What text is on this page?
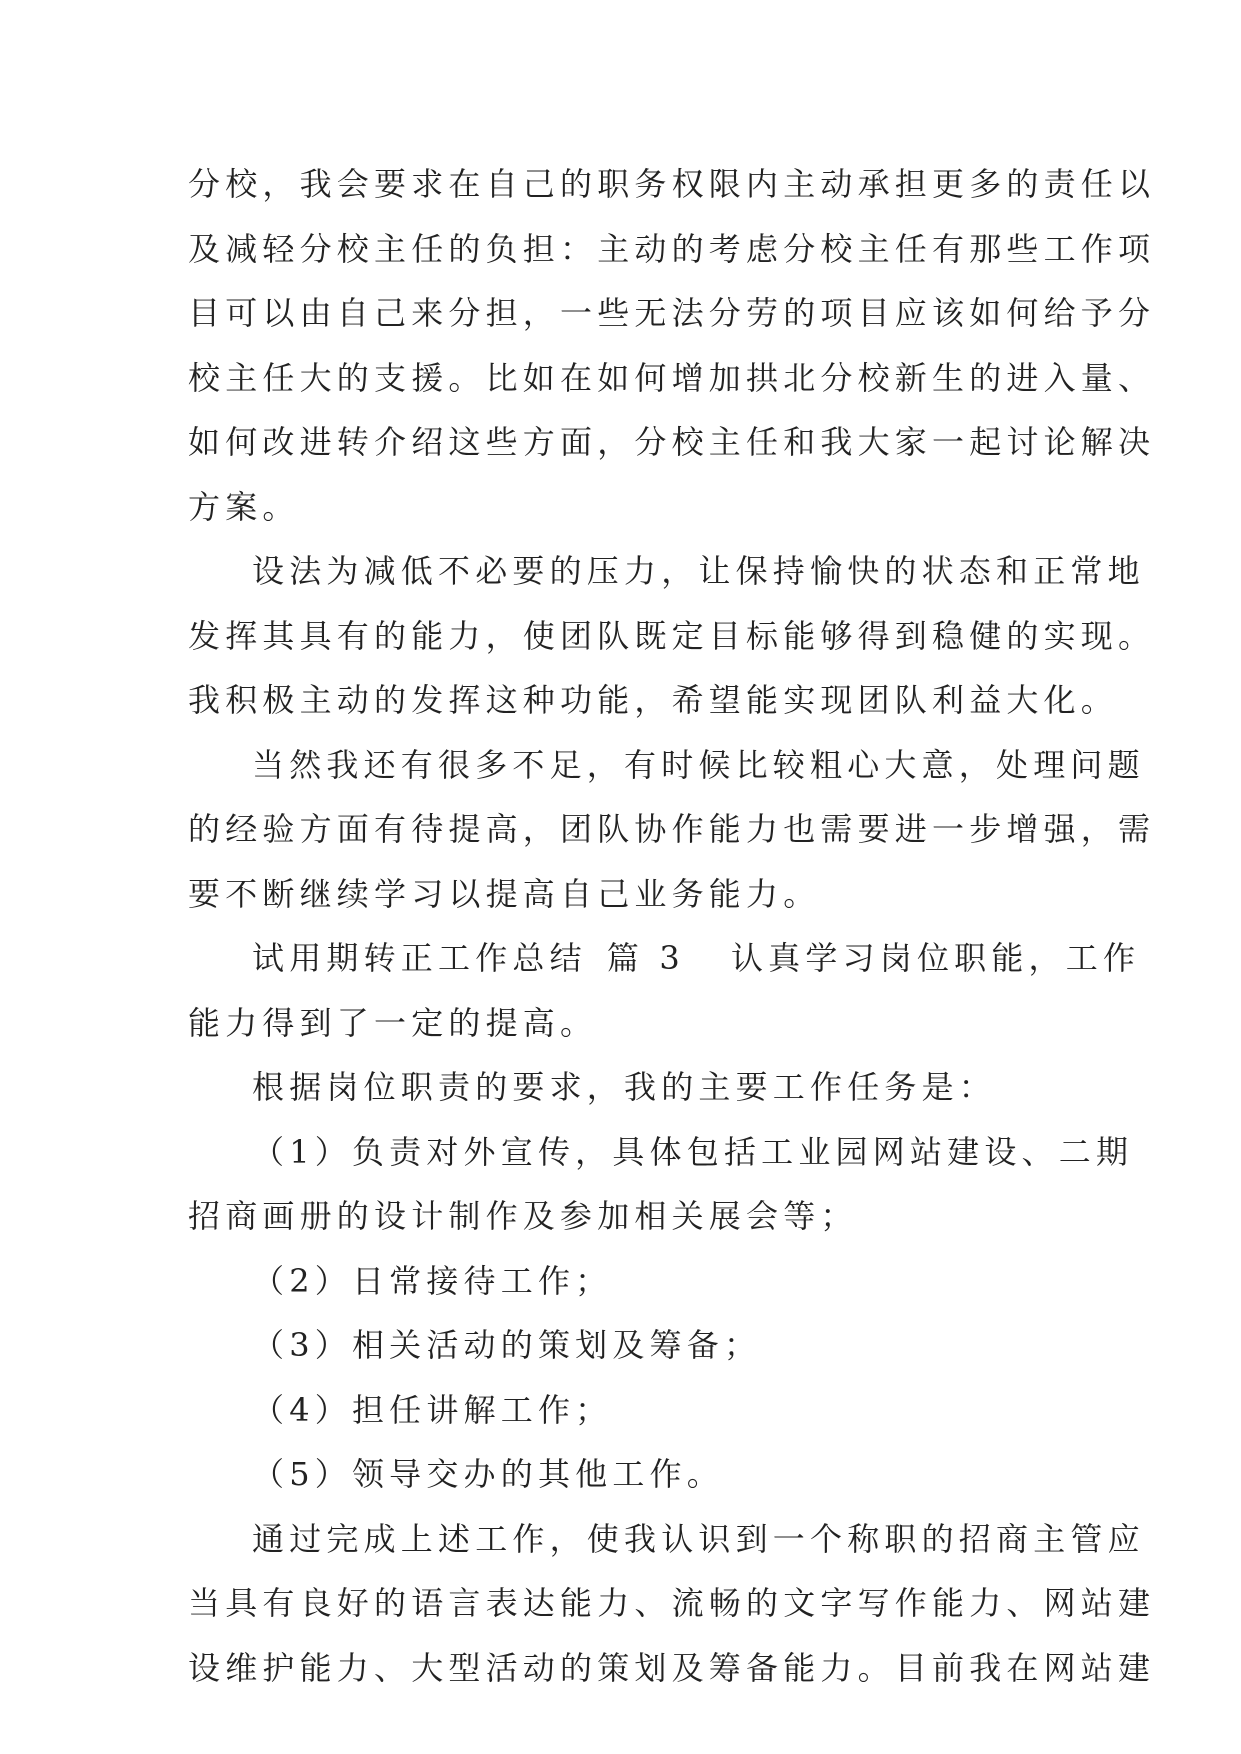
分校，我会要求在自己的职务权限内主动承担更多的责任以
及减轻分校主任的负担：主动的考虑分校主任有那些工作项
目可以由自己来分担，一些无法分劳的项目应该如何给予分
校主任大的支援。比如在如何增加拱北分校新生的进入量、
如何改进转介绍这些方面，分校主任和我大家一起讨论解决
方案。
设法为减低不必要的压力，让保持愉快的状态和正常地
发挥其具有的能力，使团队既定目标能够得到稳健的实现。
我积极主动的发挥这种功能，希望能实现团队利益大化。
当然我还有很多不足，有时候比较粗心大意，处理问题
的经验方面有待提高，团队协作能力也需要进一步增强，需
要不断继续学习以提高自己业务能力。
试用期转正工作总结 篇 3 认真学习岗位职能，工作
能力得到了一定的提高。
根据岗位职责的要求，我的主要工作任务是：
（1）负责对外宣传，具体包括工业园网站建设、二期
招商画册的设计制作及参加相关展会等；
（2）日常接待工作；
（3）相关活动的策划及筹备；
（4）担任讲解工作；
（5）领导交办的其他工作。
通过完成上述工作，使我认识到一个称职的招商主管应
当具有良好的语言表达能力、流畅的文字写作能力、网站建
设维护能力、大型活动的策划及筹备能力。目前我在网站建
